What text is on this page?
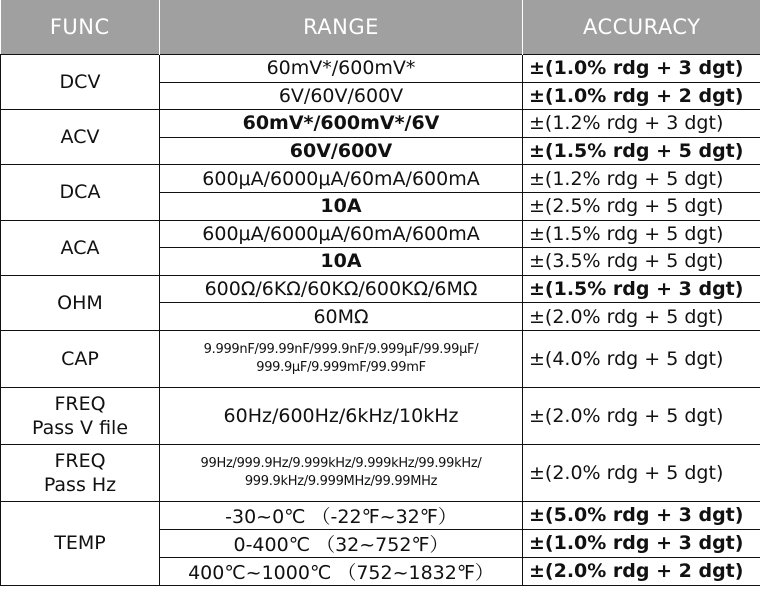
FUNC	RANGE	ACCURACY

DCV	60mV*/600mV*	±(1.0% rdg + 3 dgt)
	6V/60V/600V	±(1.0% rdg + 2 dgt)

ACV	60mV*/600mV*/6V	±(1.2% rdg + 3 dgt)
	60V/600V	±(1.5% rdg + 5 dgt)

DCA	600μA/6000μA/60mA/600mA	±(1.2% rdg + 5 dgt)
	10A	±(2.5% rdg + 5 dgt)

ACA	600μA/6000μA/60mA/600mA	±(1.5% rdg + 5 dgt)
	10A	±(3.5% rdg + 5 dgt)

OHM	600Ω/6KΩ/60KΩ/600KΩ/6MΩ	±(1.5% rdg + 3 dgt)
	60MΩ	±(2.0% rdg + 5 dgt)

CAP	9.999nF/99.99nF/999.9nF/9.999μF/99.99μF/
999.9μF/9.999mF/99.99mF	±(4.0% rdg + 5 dgt)

FREQ
Pass V file	60Hz/600Hz/6kHz/10kHz	±(2.0% rdg + 5 dgt)

FREQ
Pass Hz	99Hz/999.9Hz/9.999kHz/9.999kHz/99.99kHz/
999.9kHz/9.999MHz/99.99MHz	±(2.0% rdg + 5 dgt)

TEMP	-30~0℃ （-22℉~32℉）	±(5.0% rdg + 3 dgt)
	0-400℃ （32~752℉）	±(1.0% rdg + 3 dgt)
	400℃~1000℃ （752~1832℉）	±(2.0% rdg + 2 dgt)
